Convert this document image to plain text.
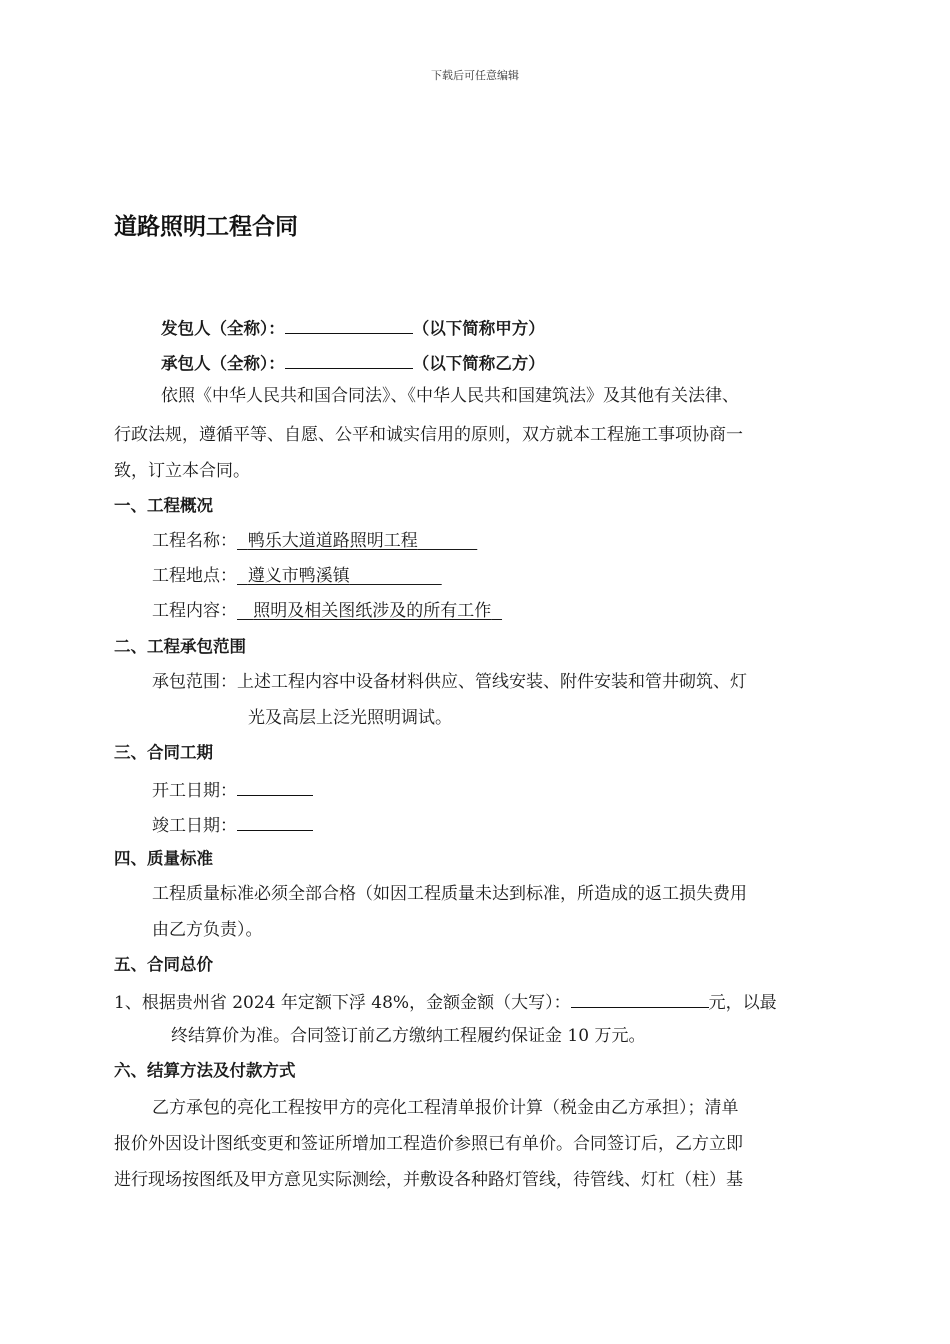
下载后可任意编辑
道路照明工程合同
发包人（全称）：	（以下简称甲方）
承包人（全称）：	（以下简称乙方）
依照《中华人民共和国合同法》、《中华人民共和国建筑法》及其他有关法律、
行政法规，遵循平等、自愿、公平和诚实信用的原则，双方就本工程施工事项协商一
致，订立本合同。
一、工程概况
工程名称： 鸭乐大道道路照明工程
工程地点： 遵义市鸭溪镇
工程内容： 照明及相关图纸涉及的所有工作
二、工程承包范围
承包范围：上述工程内容中设备材料供应、管线安装、附件安装和管井砌筑、灯
光及高层上泛光照明调试。
三、合同工期
开工日期：
竣工日期：
四、质量标准
工程质量标准必须全部合格（如因工程质量未达到标准，所造成的返工损失费用
由乙方负责）。
五、合同总价
1、根据贵州省 2024 年定额下浮 48%，金额金额（大写）：	元，以最
终结算价为准。合同签订前乙方缴纳工程履约保证金 10 万元。
六、结算方法及付款方式
乙方承包的亮化工程按甲方的亮化工程清单报价计算（税金由乙方承担）；清单
报价外因设计图纸变更和签证所增加工程造价参照已有单价。合同签订后，乙方立即
进行现场按图纸及甲方意见实际测绘，并敷设各种路灯管线，待管线、灯杠（柱）基
